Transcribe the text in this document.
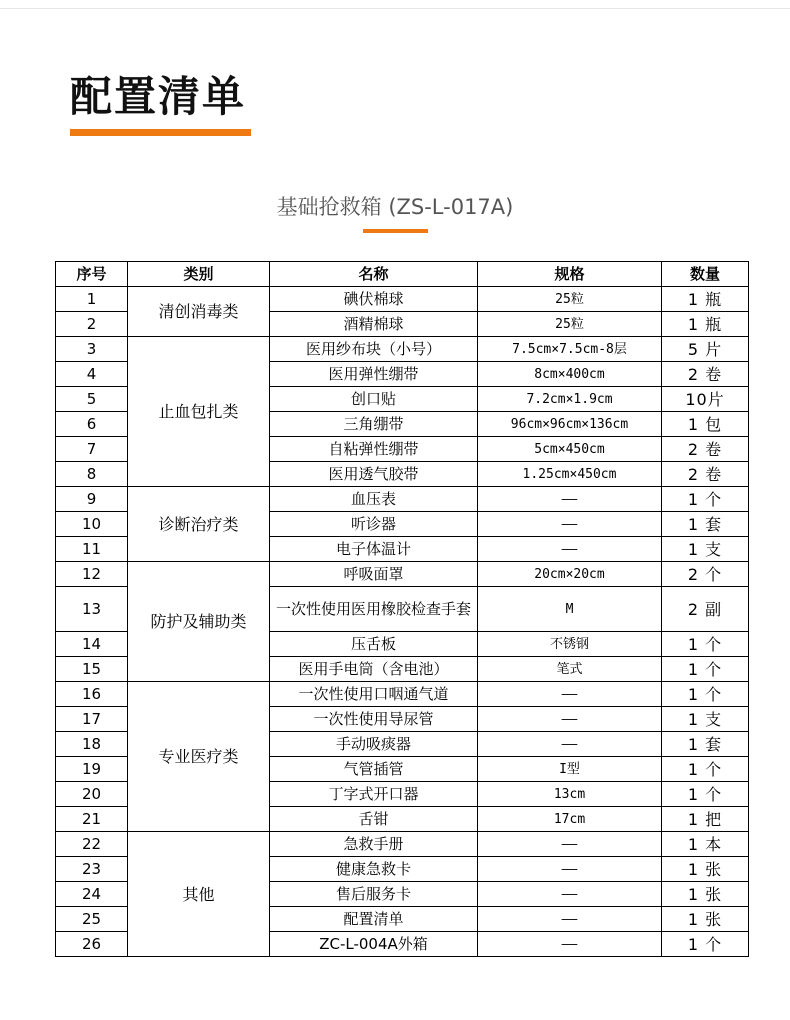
配置清单
基础抢救箱 (ZS-L-017A)
序号	类别	名称	规格	数量
1	清创消毒类	碘伏棉球	25粒	1 瓶
2		酒精棉球	25粒	1 瓶
3	止血包扎类	医用纱布块（小号）	7.5cm×7.5cm-8层	5 片
4		医用弹性绷带	8cm×400cm	2 卷
5		创口贴	7.2cm×1.9cm	10片
6		三角绷带	96cm×96cm×136cm	1 包
7		自粘弹性绷带	5cm×450cm	2 卷
8		医用透气胶带	1.25cm×450cm	2 卷
9	诊断治疗类	血压表	——	1 个
10		听诊器	——	1 套
11		电子体温计	——	1 支
12	防护及辅助类	呼吸面罩	20cm×20cm	2 个
13		一次性使用医用橡胶检查手套	M	2 副
14		压舌板	不锈钢	1 个
15		医用手电筒（含电池）	笔式	1 个
16	专业医疗类	一次性使用口咽通气道	——	1 个
17		一次性使用导尿管	——	1 支
18		手动吸痰器	——	1 套
19		气管插管	I型	1 个
20		丁字式开口器	13cm	1 个
21		舌钳	17cm	1 把
22	其他	急救手册	——	1 本
23		健康急救卡	——	1 张
24		售后服务卡	——	1 张
25		配置清单	——	1 张
26		ZC-L-004A外箱	——	1 个
